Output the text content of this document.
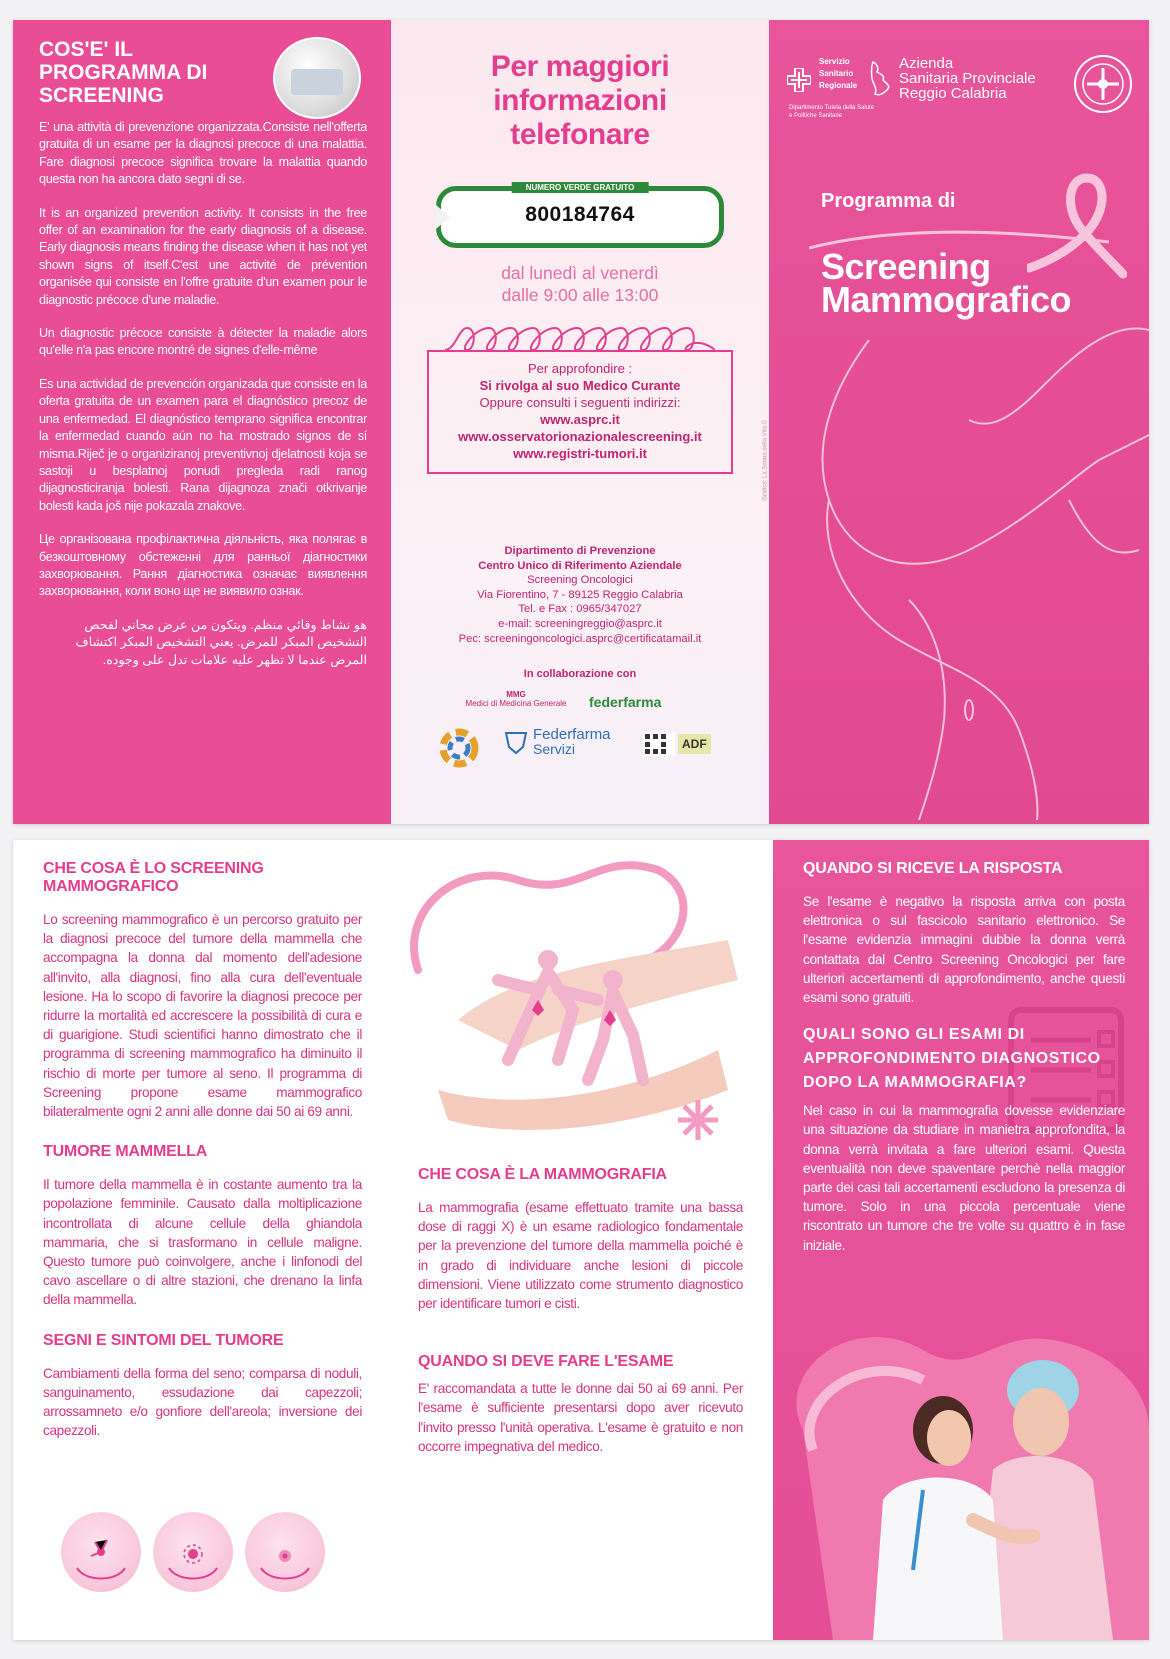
COS'E' IL PROGRAMMA DI SCREENING

E' una attività di prevenzione organizzata.Consiste nell'offerta gratuita di un esame per la diagnosi precoce di una malattia. Fare diagnosi precoce significa trovare la malattia quando questa non ha ancora dato segni di se.

It is an organized prevention activity. It consists in the free offer of an examination for the early diagnosis of a disease. Early diagnosis means finding the disease when it has not yet shown signs of itself.C'est une activité de prévention organisée qui consiste en l'offre gratuite d'un examen pour le diagnostic précoce d'une maladie.

Un diagnostic précoce consiste à détecter la maladie alors qu'elle n'a pas encore montré de signes d'elle-même

Es una actividad de prevención organizada que consiste en la oferta gratuita de un examen para el diagnóstico precoz de una enfermedad. El diagnóstico temprano significa encontrar la enfermedad cuando aún no ha mostrado signos de sí misma.Riječ je o organiziranoj preventivnoj djelatnosti koja se sastoji u besplatnoj ponudi pregleda radi ranog dijagnosticiranja bolesti. Rana dijagnoza znači otkrivanje bolesti kada još nije pokazala znakove.

Це організована профілактична діяльність, яка полягає в безкоштовному обстеженні для ранньої діагностики захворювання. Рання діагностика означає виявлення захворювання, коли воно ще не виявило ознак.

هو نشاط وقائي منظم. ويتكون من عرض مجاني لفحص التشخيص المبكر للمرض. يعني التشخيص المبكر اكتشاف المرض عندما لا تظهر عليه علامات تدل على وجوده.

Per maggiori informazioni telefonare
NUMERO VERDE GRATUITO
800184764
dal lunedì al venerdì
dalle 9:00 alle 13:00
Per approfondire :
Si rivolga al suo Medico Curante
Oppure consulti i seguenti indirizzi:
www.asprc.it
www.osservatorionazionalescreening.it
www.registri-tumori.it
Dipartimento di Prevenzione
Centro Unico di Riferimento Aziendale
Screening Oncologici
Via Fiorentino, 7 - 89125 Reggio Calabria
Tel. e Fax : 0965/347027
e-mail: screeningreggio@asprc.it
Pec: screeningoncologici.asprc@certificatamail.it
In collaborazione con
MMG
Medici di Medicina Generale	federfarma
Federfarma
Servizi	ADF
Grafica: La Senna della Vita ©
Servizio
Sanitario
Regionale
Azienda
Sanitaria Provinciale
Reggio Calabria
Dipartimento Tutela della Salute
e Politiche Sanitarie
Programma di
Screening
Mammografico
CHE COSA È LO SCREENING MAMMOGRAFICO

Lo screening mammografico è un percorso gratuito per la diagnosi precoce del tumore della mammella che accompagna la donna dal momento dell'adesione all'invito, alla diagnosi, fino alla cura dell'eventuale lesione. Ha lo scopo di favorire la diagnosi precoce per ridurre la mortalità ed accrescere la possibilità di cura e di guarigione. Studi scientifici hanno dimostrato che il programma di screening mammografico ha diminuito il rischio di morte per tumore al seno. Il programma di Screening propone esame mammografico bilateralmente ogni 2 anni alle donne dai 50 ai 69 anni.

TUMORE MAMMELLA

Il tumore della mammella è in costante aumento tra la popolazione femminile. Causato dalla moltiplicazione incontrollata di alcune cellule della ghiandola mammaria, che si trasformano in cellule maligne. Questo tumore può coinvolgere, anche i linfonodi del cavo ascellare o di altre stazioni, che drenano la linfa della mammella.

SEGNI E SINTOMI DEL TUMORE

Cambiamenti della forma del seno; comparsa di noduli, sanguinamento, essudazione dai capezzoli; arrossamneto e/o gonfiore dell'areola; inversione dei capezzoli.

CHE COSA È LA MAMMOGRAFIA

La mammografia (esame effettuato tramite una bassa dose di raggi X) è un esame radiologico fondamentale per la prevenzione del tumore della mammella poiché è in grado di individuare anche lesioni di piccole dimensioni. Viene utilizzato come strumento diagnostico per identificare tumori e cisti.

QUANDO SI DEVE FARE L'ESAME

E' raccomandata a tutte le donne dai 50 ai 69 anni. Per l'esame è sufficiente presentarsi dopo aver ricevuto l'invito presso l'unità operativa. L'esame è gratuito e non occorre impegnativa del medico.

QUANDO SI RICEVE LA RISPOSTA

Se l'esame è negativo la risposta arriva con posta elettronica o sul fascicolo sanitario elettronico. Se l'esame evidenzia immagini dubbie la donna verrà contattata dal Centro Screening Oncologici per fare ulteriori accertamenti di approfondimento, anche questi esami sono gratuiti.

QUALI SONO GLI ESAMI DI APPROFONDIMENTO DIAGNOSTICO DOPO LA MAMMOGRAFIA?

Nel caso in cui la mammografia dovesse evidenziare una situazione da studiare in manietra approfondita, la donna verrà invitata a fare ulteriori esami. Questa eventualità non deve spaventare perchè nella maggior parte dei casi tali accertamenti escludono la presenza di tumore. Solo in una piccola percentuale viene riscontrato un tumore che tre volte su quattro è in fase iniziale.
